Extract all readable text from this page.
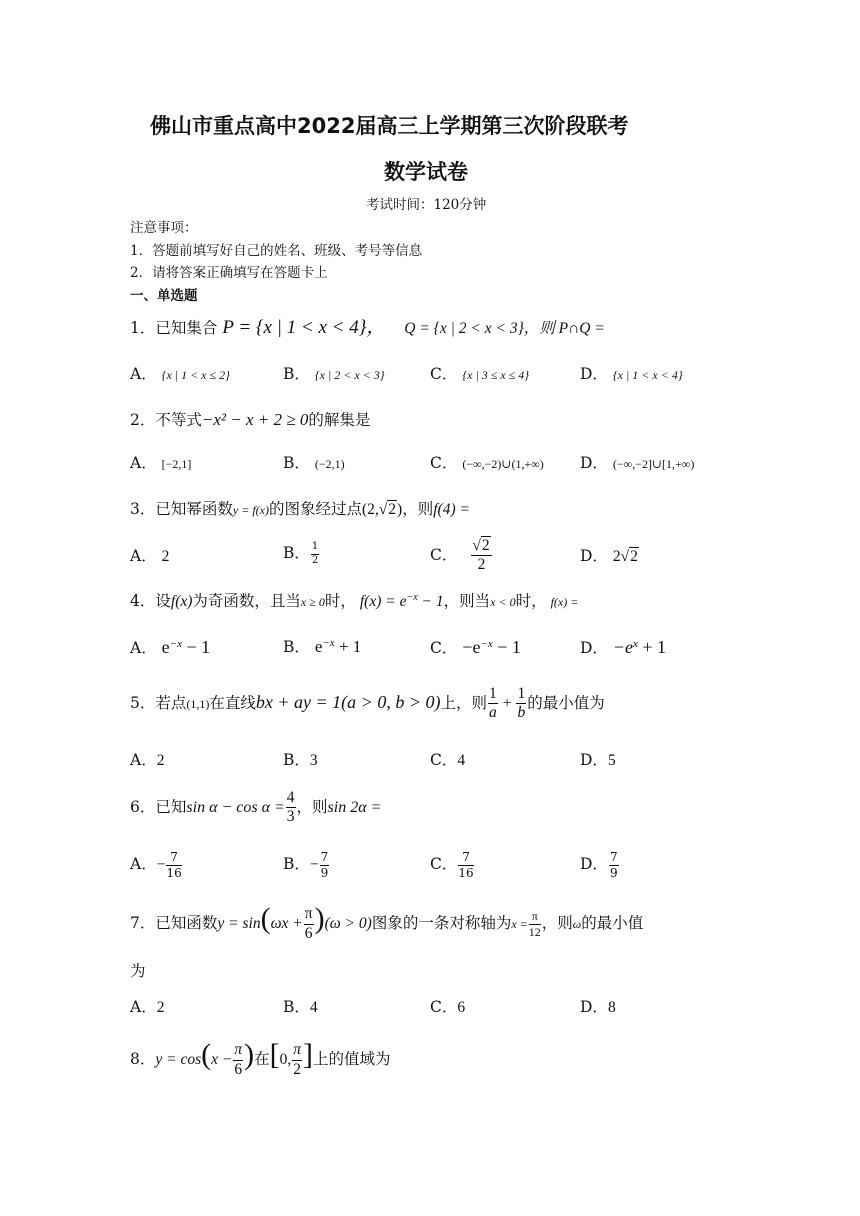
佛山市重点高中2022届高三上学期第三次阶段联考
数学试卷
考试时间：120分钟
注意事项：
1．答题前填写好自己的姓名、班级、考号等信息
2．请将答案正确填写在答题卡上
一、单选题
1．已知集合 P = {x | 1 < x < 4}， Q = {x | 2 < x < 3}，则 P∩Q =
A． {x | 1 < x ≤ 2}	B． {x | 2 < x < 3}	C． {x | 3 ≤ x ≤ 4}	D． {x | 1 < x < 4}
2．不等式−x² − x + 2 ≥ 0的解集是
A． [−2,1]	B． (−2,1)	C． (−∞,−2)∪(1,+∞) D． (−∞,−2]∪[1,+∞)
3．已知幂函数y = f(x)的图象经过点(2,√2)，则f(4) =
A． 2	B． $\frac{1}{2}$	C． $\frac{√2}{2}$	D． 2√2
4．设f(x)为奇函数，且当x ≥ 0时， $f(x) = e^{-x} - 1$，则当x < 0时， f(x) =
A． $e^{-x} - 1$	B． $e^{-x} + 1$	C． $-e^{-x} - 1$	D． $-e^x + 1$
5．若点(1,1)在直线bx + ay = 1(a > 0, b > 0)上，则 $\frac{1}{a} + \frac{1}{b}$ 的最小值为
A．2	B．3	C．4	D．5
6．已知$\sin \alpha - \cos \alpha = \frac{4}{3}$ ，则sin 2α =
A．− $\frac{7}{16}$	B．− $\frac{7}{9}$	C． $\frac{7}{16}$	D． $\frac{7}{9}$
7．已知函数$y = \sin(\omega x + \frac{\pi}{6} )(\omega > 0)$图象的一条对称轴为$x = \frac{\pi}{12}$ ，则ω的最小值
为
A．2	B．4	C．6	D．8
8．$y = \cos(x - \frac{\pi}{6}$ )在[0, $\frac{\pi}{2}$ ]上的值域为
